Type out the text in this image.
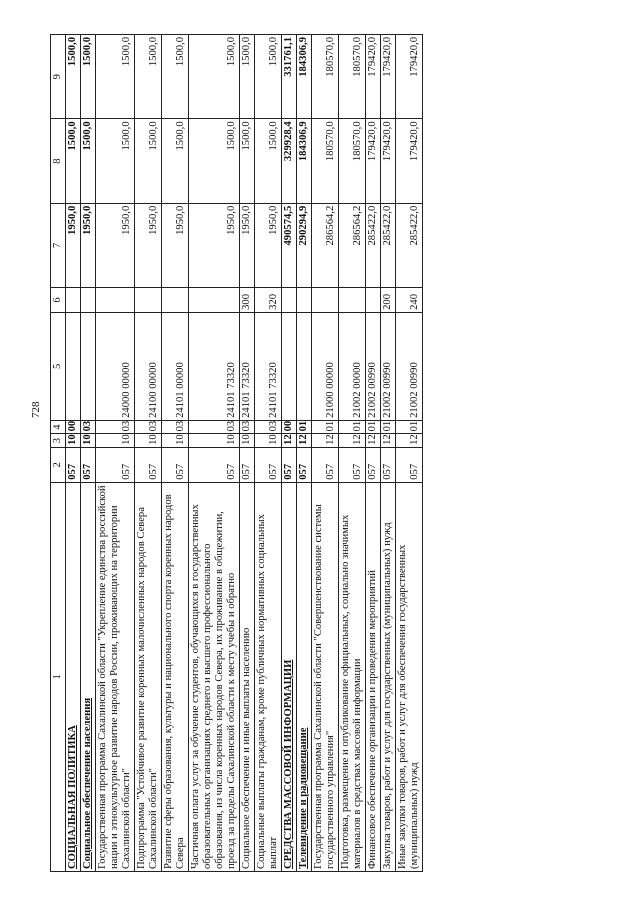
728
1	2	3	4	5	6	7	8	9
СОЦИАЛЬНАЯ ПОЛИТИКА	057	10	00			1950,0	1500,0	1500,0
Социальное обеспечение населения	057	10	03			1950,0	1500,0	1500,0
Государственная программа Сахалинской области "Укрепление единства российской нации и этнокультурное развитие народов России, проживающих на территории Сахалинской области"	057	10	03	24000 00000		1950,0	1500,0	1500,0
Подпрограмма "Устойчивое развитие коренных малочисленных народов Севера Сахалинской области"	057	10	03	24100 00000		1950,0	1500,0	1500,0
Развитие сферы образования, культуры и национального спорта коренных народов Севера	057	10	03	24101 00000		1950,0	1500,0	1500,0
Частичная оплата услуг за обучение студентов, обучающихся в государственных образовательных организациях среднего и высшего профессионального образования, из числа коренных народов Севера, их проживание в общежитии, проезд за пределы Сахалинской области к месту учебы и обратно	057	10	03	24101 73320		1950,0	1500,0	1500,0
Социальное обеспечение и иные выплаты населению	057	10	03	24101 73320	300	1950,0	1500,0	1500,0
Социальные выплаты гражданам, кроме публичных нормативных социальных выплат	057	10	03	24101 73320	320	1950,0	1500,0	1500,0
СРЕДСТВА МАССОВОЙ ИНФОРМАЦИИ	057	12	00			490574,5	329928,4	331761,1
Телевидение и радиовещание	057	12	01			290294,9	184306,9	184306,9
Государственная программа Сахалинской области "Совершенствование системы государственного управления"	057	12	01	21000 00000		286564,2	180570,0	180570,0
Подготовка, размещение и опубликование официальных, социально значимых материалов в средствах массовой информации	057	12	01	21002 00000		286564,2	180570,0	180570,0
Финансовое обеспечение организации и проведения мероприятий	057	12	01	21002 00990		285422,0	179420,0	179420,0
Закупка товаров, работ и услуг для государственных (муниципальных) нужд	057	12	01	21002 00990	200	285422,0	179420,0	179420,0
Иные закупки товаров, работ и услуг для обеспечения государственных (муниципальных) нужд	057	12	01	21002 00990	240	285422,0	179420,0	179420,0
